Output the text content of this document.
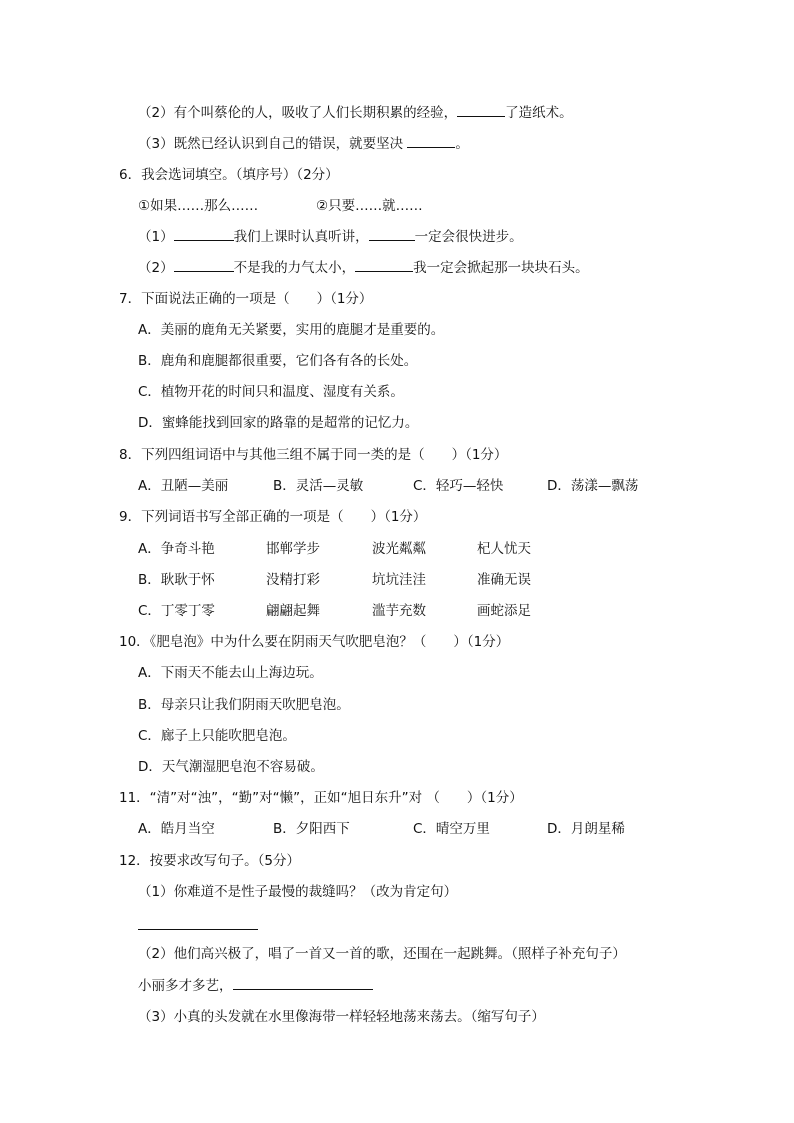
（2）有个叫蔡伦的人，吸收了人们长期积累的经验，	了造纸术。
（3）既然已经认识到自己的错误，就要坚决	。
6．我会选词填空。（填序号）（2分）
①如果……那么……	②只要……就……
（1）	我们上课时认真听讲，	一定会很快进步。
（2）	不是我的力气太小，	我一定会掀起那一块块石头。
7．下面说法正确的一项是（　　）（1分）
A．美丽的鹿角无关紧要，实用的鹿腿才是重要的。
B．鹿角和鹿腿都很重要，它们各有各的长处。
C．植物开花的时间只和温度、湿度有关系。
D．蜜蜂能找到回家的路靠的是超常的记忆力。
8．下列四组词语中与其他三组不属于同一类的是（　　）（1分）
A．丑陋—美丽	B．灵活—灵敏	C．轻巧—轻快	D．荡漾—飘荡
9．下列词语书写全部正确的一项是（　　）（1分）
A．争奇斗艳	邯郸学步	波光粼粼	杞人忧天
B．耿耿于怀	没精打彩	坑坑洼洼	准确无误
C．丁零丁零	翩翩起舞	滥芋充数	画蛇添足
10．《肥皂泡》中为什么要在阴雨天气吹肥皂泡？（　　）（1分）
A．下雨天不能去山上海边玩。
B．母亲只让我们阴雨天吹肥皂泡。
C．廊子上只能吹肥皂泡。
D．天气潮湿肥皂泡不容易破。
11．“清”对“浊”，“勤”对“懒”，正如“旭日东升”对 （　　）（1分）
A．皓月当空	B．夕阳西下	C．晴空万里	D．月朗星稀
12．按要求改写句子。（5分）
（1）你难道不是性子最慢的裁缝吗？（改为肯定句）
（2）他们高兴极了，唱了一首又一首的歌，还围在一起跳舞。（照样子补充句子）
小丽多才多艺，
（3）小真的头发就在水里像海带一样轻轻地荡来荡去。（缩写句子）
